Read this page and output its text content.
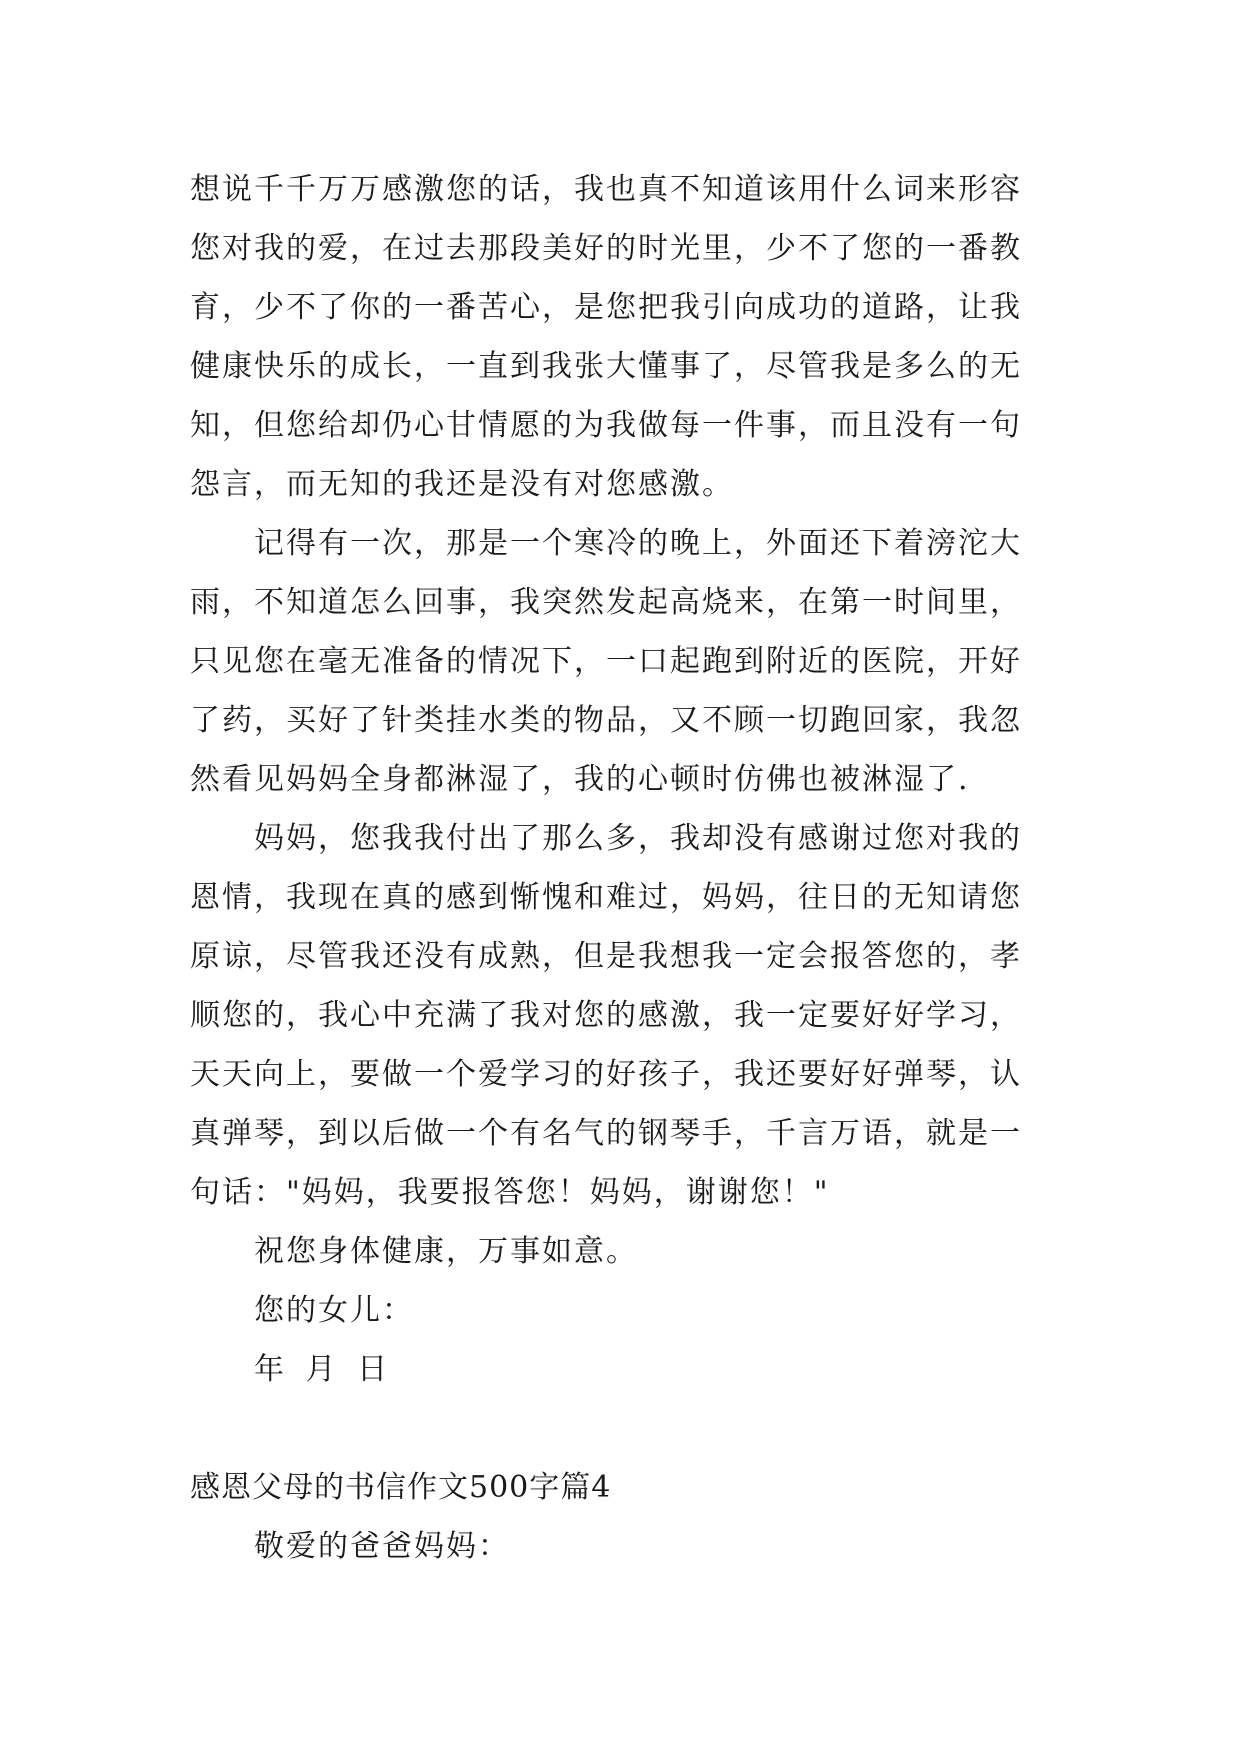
想说千千万万感激您的话，我也真不知道该用什么词来形容
您对我的爱，在过去那段美好的时光里，少不了您的一番教
育，少不了你的一番苦心，是您把我引向成功的道路，让我
健康快乐的成长，一直到我张大懂事了，尽管我是多么的无
知，但您给却仍心甘情愿的为我做每一件事，而且没有一句
怨言，而无知的我还是没有对您感激。
记得有一次，那是一个寒冷的晚上，外面还下着滂沱大
雨，不知道怎么回事，我突然发起高烧来，在第一时间里，
只见您在毫无准备的情况下，一口起跑到附近的医院，开好
了药，买好了针类挂水类的物品，又不顾一切跑回家，我忽
然看见妈妈全身都淋湿了，我的心顿时仿佛也被淋湿了.
妈妈，您我我付出了那么多，我却没有感谢过您对我的
恩情，我现在真的感到惭愧和难过，妈妈，往日的无知请您
原谅，尽管我还没有成熟，但是我想我一定会报答您的，孝
顺您的，我心中充满了我对您的感激，我一定要好好学习，
天天向上，要做一个爱学习的好孩子，我还要好好弹琴，认
真弹琴，到以后做一个有名气的钢琴手，千言万语，就是一
句话："妈妈，我要报答您！妈妈，谢谢您！"

祝您身体健康，万事如意。

您的女儿：

年 月 日

感恩父母的书信作文500字篇4

敬爱的爸爸妈妈：
